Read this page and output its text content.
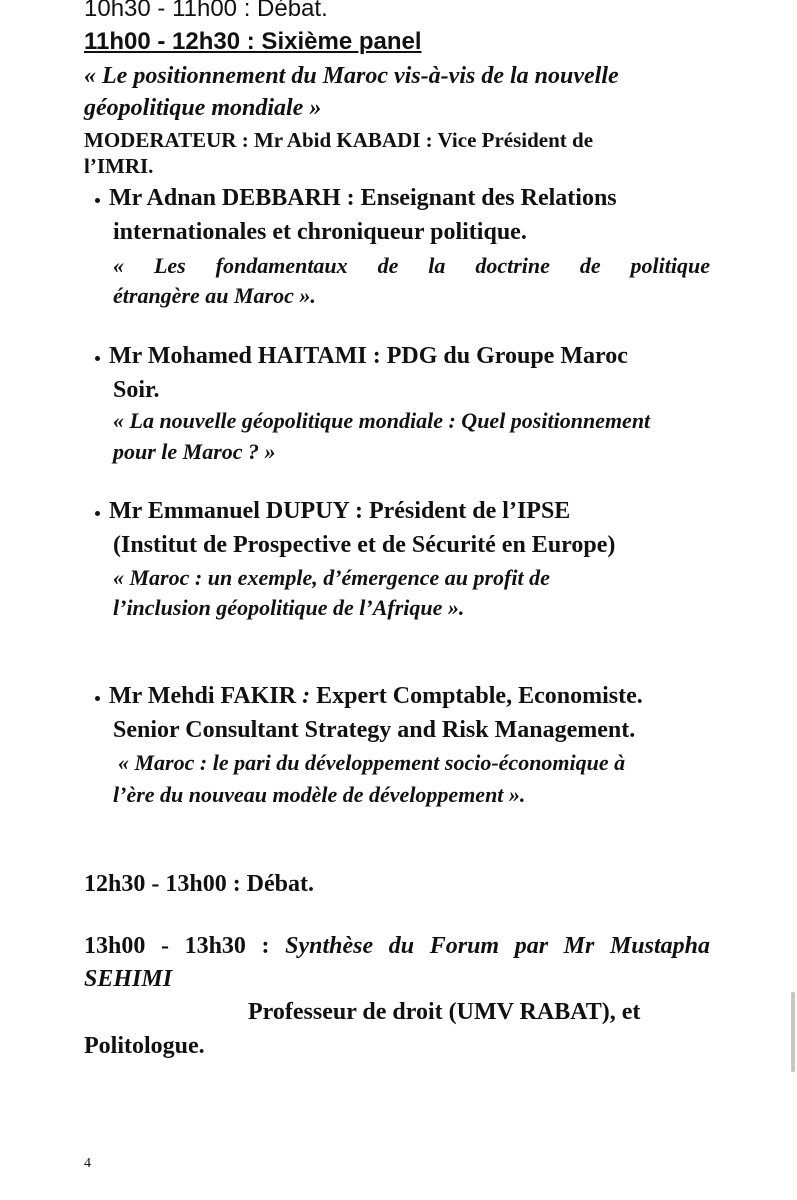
10h30 - 11h00 : Débat.
11h00 - 12h30 : Sixième panel
« Le positionnement du Maroc vis-à-vis de la nouvelle
géopolitique mondiale »
MODERATEUR : Mr Abid KABADI : Vice Président de
l’IMRI.
Mr Adnan DEBBARH : Enseignant des Relations
internationales et chroniqueur politique.
« Les fondamentaux de la doctrine de politique
étrangère au Maroc ».
Mr Mohamed HAITAMI : PDG du Groupe Maroc
Soir.
« La nouvelle géopolitique mondiale : Quel positionnement
pour le Maroc ? »
Mr Emmanuel DUPUY : Président de l’IPSE
(Institut de Prospective et de Sécurité en Europe)
« Maroc : un exemple, d’émergence au profit de
l’inclusion géopolitique de l’Afrique ».
Mr Mehdi FAKIR : Expert Comptable, Economiste.
Senior Consultant Strategy and Risk Management.
« Maroc : le pari du développement socio-économique à
l’ère du nouveau modèle de développement ».
12h30 - 13h00 : Débat.
13h00 - 13h30 : Synthèse du Forum par Mr Mustapha
SEHIMI
Professeur de droit (UMV RABAT), et
Politologue.
4
